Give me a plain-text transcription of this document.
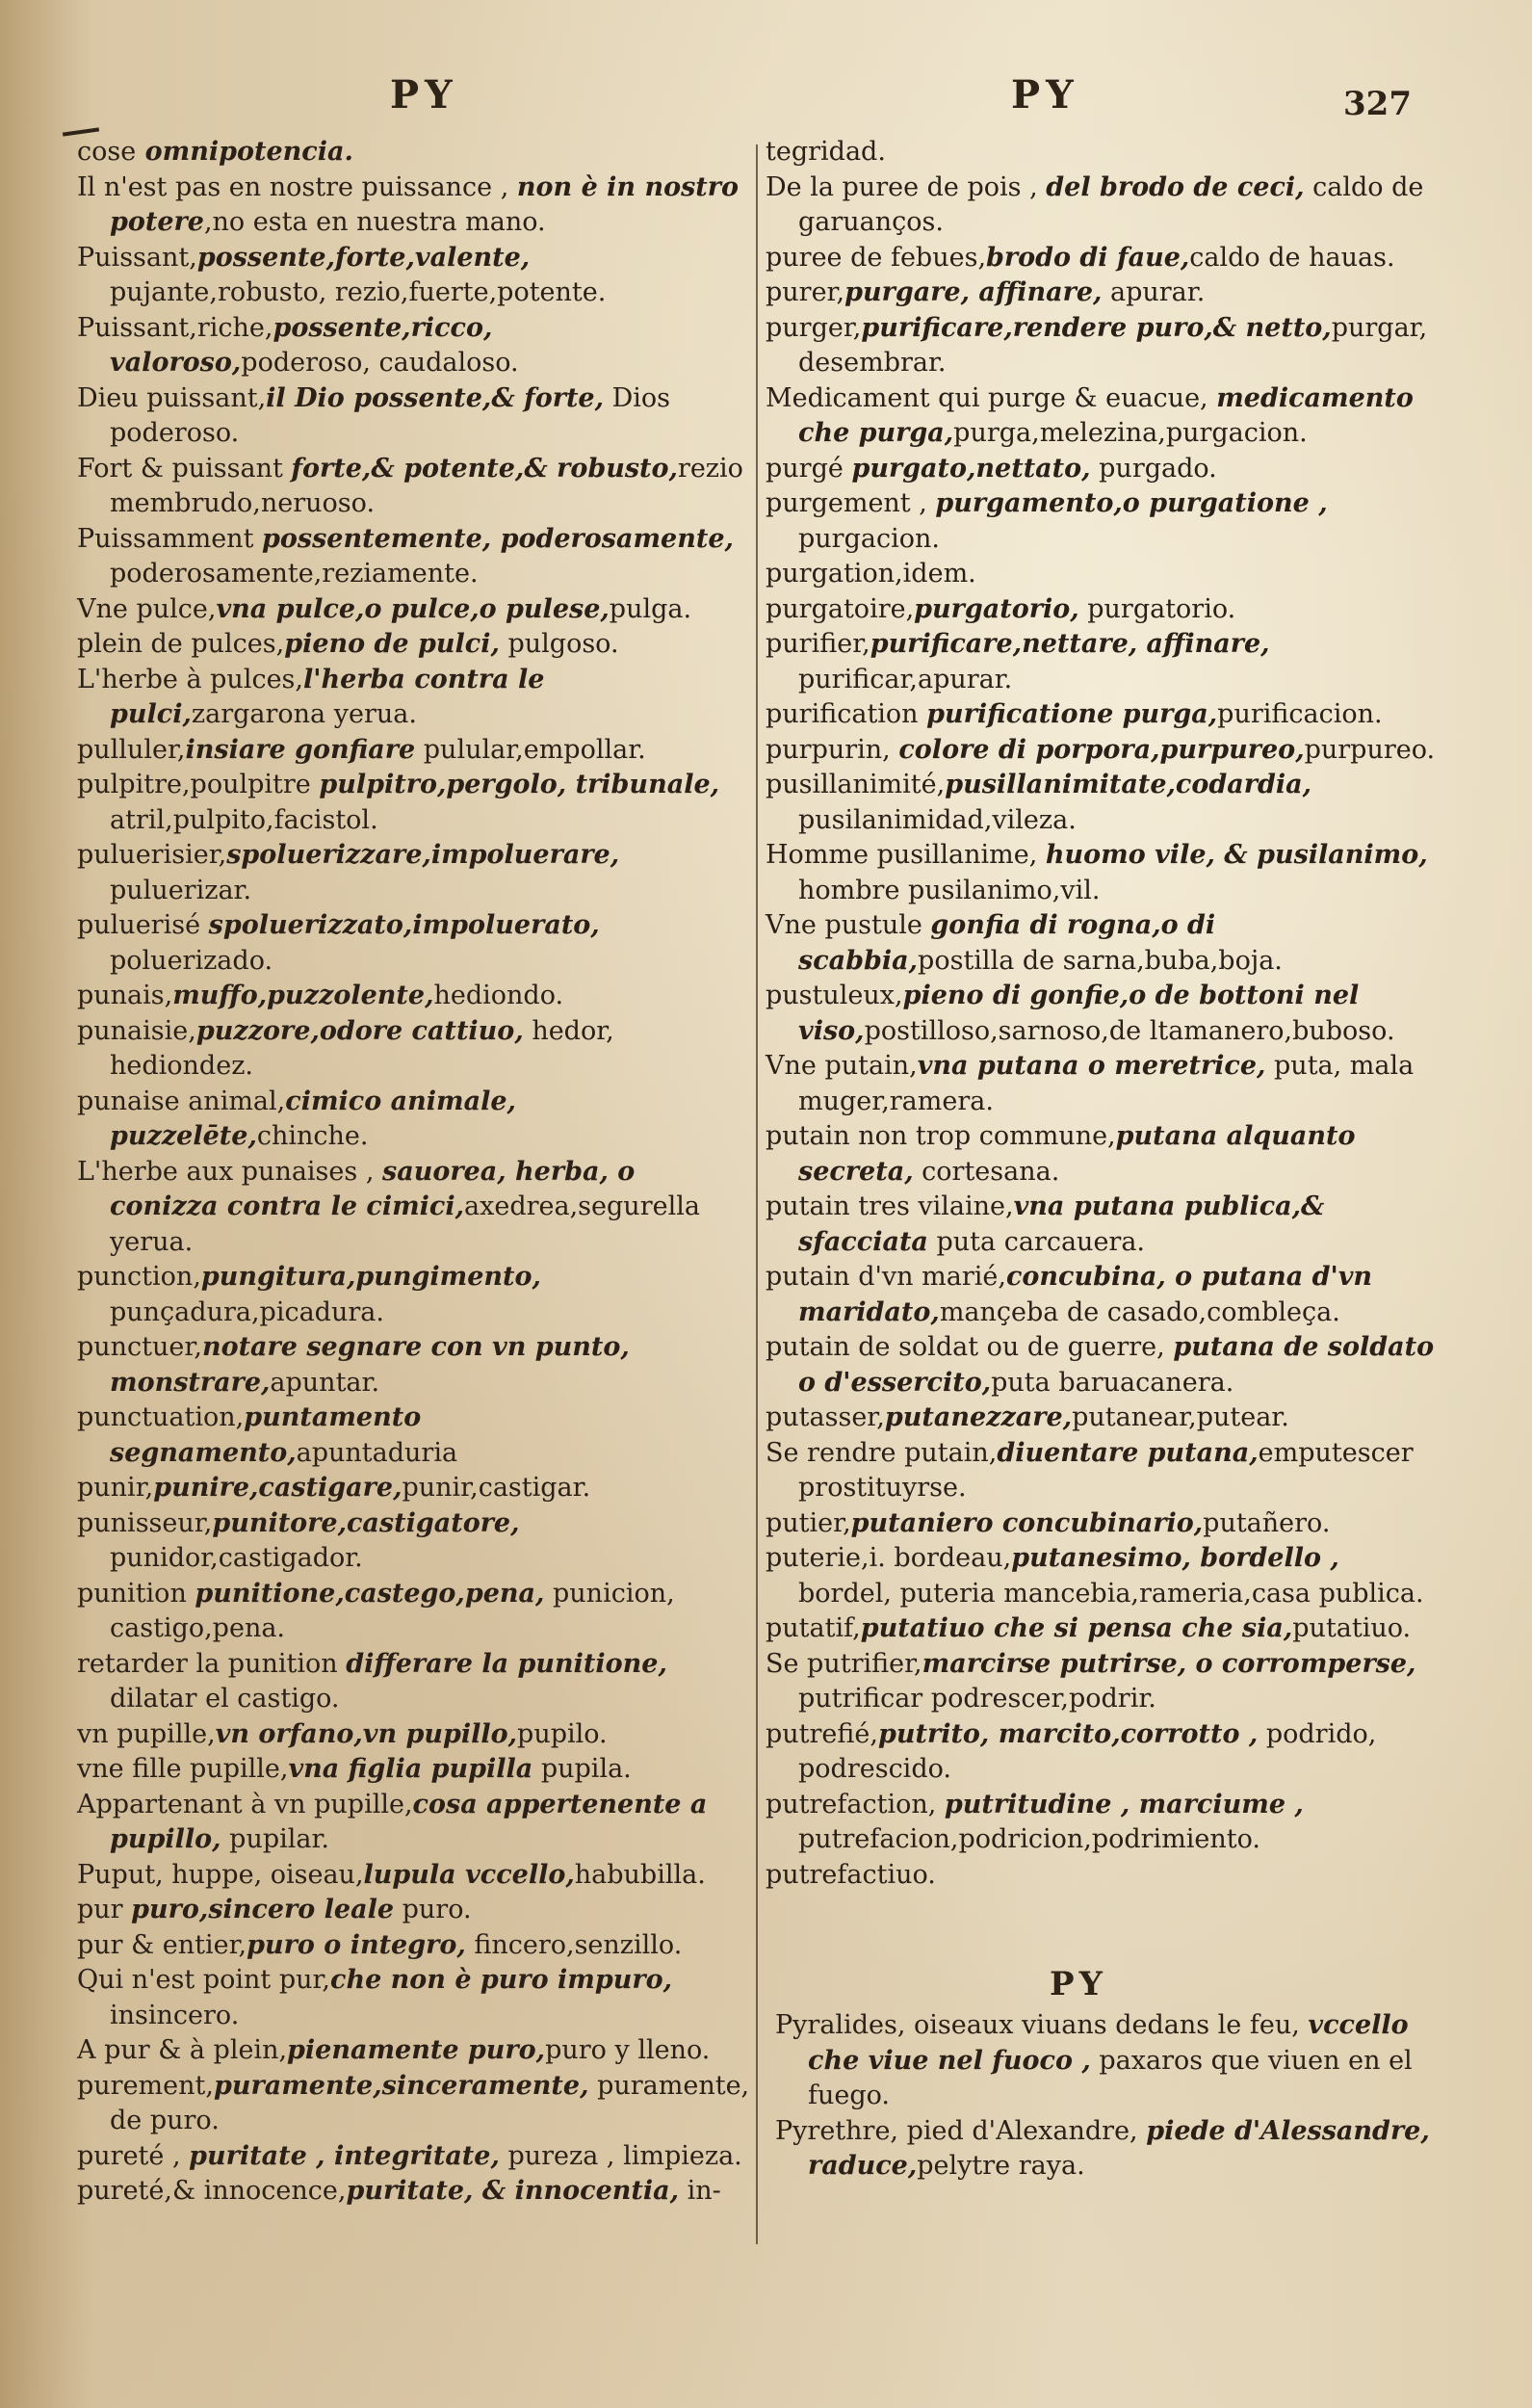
PY	PY	327
cose omnipotencia.
Il n'est pas en nostre puissance , non è in nostro potere,no esta en nuestra mano.
Puissant,possente,forte,valente, pujante,robusto, rezio,fuerte,potente.
Puissant,riche,possente,ricco, valoroso,poderoso, caudaloso.
Dieu puissant,il Dio possente,& forte, Dios poderoso.
Fort & puissant forte,& potente,& robusto,rezio membrudo,neruoso.
Puissamment possentemente, poderosamente, poderosamente,reziamente.
Vne pulce,vna pulce,o pulce,o pulese,pulga.
plein de pulces,pieno de pulci, pulgoso.
L'herbe à pulces,l'herba contra le pulci,zargarona yerua.
pulluler,insiare gonfiare pulular,empollar.
pulpitre,poulpitre pulpitro,pergolo, tribunale, atril,pulpito,facistol.
puluerisier,spoluerizzare,impoluerare, puluerizar.
puluerisé spoluerizzato,impoluerato, poluerizado.
punais,muffo,puzzolente,hediondo.
punaisie,puzzore,odore cattiuo, hedor, hediondez.
punaise animal,cimico animale, puzzelēte,chinche.
L'herbe aux punaises , sauorea, herba, o conizza contra le cimici,axedrea,segurella yerua.
punction,pungitura,pungimento, punçadura,picadura.
punctuer,notare segnare con vn punto, monstrare,apuntar.
punctuation,puntamento segnamento,apuntaduria
punir,punire,castigare,punir,castigar.
punisseur,punitore,castigatore, punidor,castigador.
punition punitione,castego,pena, punicion, castigo,pena.
retarder la punition differare la punitione, dilatar el castigo.
vn pupille,vn orfano,vn pupillo,pupilo.
vne fille pupille,vna figlia pupilla pupila.
Appartenant à vn pupille,cosa appertenente a pupillo, pupilar.
Puput, huppe, oiseau,lupula vccello,habubilla.
pur puro,sincero leale puro.
pur & entier,puro o integro, fincero,senzillo.
Qui n'est point pur,che non è puro impuro, insincero.
A pur & à plein,pienamente puro,puro y lleno.
purement,puramente,sinceramente, puramente, de puro.
pureté , puritate , integritate, pureza , limpieza.
pureté,& innocence,puritate, & innocentia, in-
tegridad.
De la puree de pois , del brodo de ceci, caldo de garuanços.
puree de febues,brodo di faue,caldo de hauas.
purer,purgare, affinare, apurar.
purger,purificare,rendere puro,& netto,purgar, desembrar.
Medicament qui purge & euacue, medicamento che purga,purga,melezina,purgacion.
purgé purgato,nettato, purgado.
purgement , purgamento,o purgatione , purgacion.
purgation,idem.
purgatoire,purgatorio, purgatorio.
purifier,purificare,nettare, affinare, purificar,apurar.
purification purificatione purga,purificacion.
purpurin, colore di porpora,purpureo,purpureo.
pusillanimité,pusillanimitate,codardia, pusilanimidad,vileza.
Homme pusillanime, huomo vile, & pusilanimo, hombre pusilanimo,vil.
Vne pustule gonfia di rogna,o di scabbia,postilla de sarna,buba,boja.
pustuleux,pieno di gonfie,o de bottoni nel viso,postilloso,sarnoso,de ltamanero,buboso.
Vne putain,vna putana o meretrice, puta, mala muger,ramera.
putain non trop commune,putana alquanto secreta, cortesana.
putain tres vilaine,vna putana publica,& sfacciata puta carcauera.
putain d'vn marié,concubina, o putana d'vn maridato,mançeba de casado,combleça.
putain de soldat ou de guerre, putana de soldato o d'essercito,puta baruacanera.
putasser,putanezzare,putanear,putear.
Se rendre putain,diuentare putana,emputescer prostituyrse.
putier,putaniero concubinario,putañero.
puterie,i. bordeau,putanesimo, bordello , bordel, puteria mancebia,rameria,casa publica.
putatif,putatiuo che si pensa che sia,putatiuo.
Se putrifier,marcirse putrirse, o corromperse, putrificar podrescer,podrir.
putrefié,putrito, marcito,corrotto , podrido, podrescido.
putrefaction, putritudine , marciume , putrefacion,podricion,podrimiento.
putrefactiuo.
PY
Pyralides, oiseaux viuans dedans le feu, vccello che viue nel fuoco , paxaros que viuen en el fuego.
Pyrethre, pied d'Alexandre, piede d'Alessandre, raduce,pelytre raya.
